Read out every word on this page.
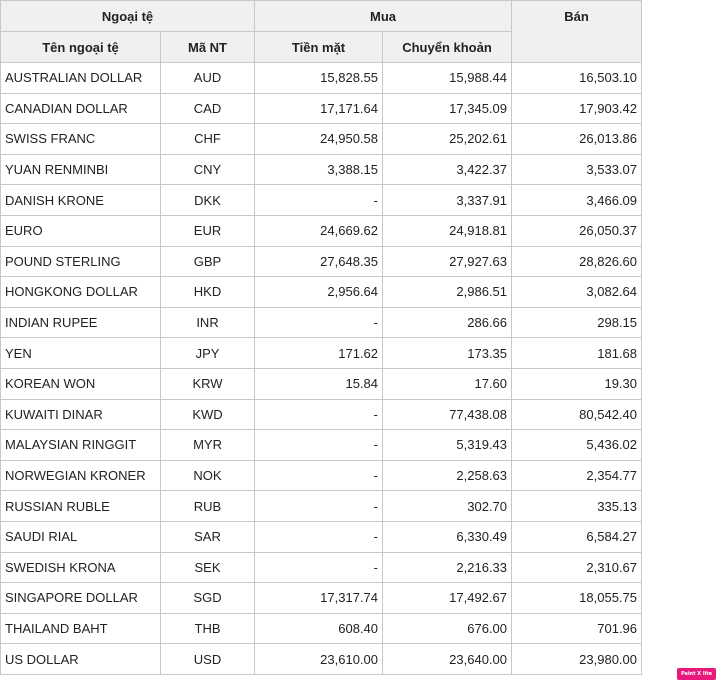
Ngoại tệ		Mua		Bán
Tên ngoại tệ	Mã NT	Tiền mặt	Chuyển khoản	
AUSTRALIAN DOLLAR	AUD	15,828.55	15,988.44	16,503.10
CANADIAN DOLLAR	CAD	17,171.64	17,345.09	17,903.42
SWISS FRANC	CHF	24,950.58	25,202.61	26,013.86
YUAN RENMINBI	CNY	3,388.15	3,422.37	3,533.07
DANISH KRONE	DKK	-	3,337.91	3,466.09
EURO	EUR	24,669.62	24,918.81	26,050.37
POUND STERLING	GBP	27,648.35	27,927.63	28,826.60
HONGKONG DOLLAR	HKD	2,956.64	2,986.51	3,082.64
INDIAN RUPEE	INR	-	286.66	298.15
YEN	JPY	171.62	173.35	181.68
KOREAN WON	KRW	15.84	17.60	19.30
KUWAITI DINAR	KWD	-	77,438.08	80,542.40
MALAYSIAN RINGGIT	MYR	-	5,319.43	5,436.02
NORWEGIAN KRONER	NOK	-	2,258.63	2,354.77
RUSSIAN RUBLE	RUB	-	302.70	335.13
SAUDI RIAL	SAR	-	6,330.49	6,584.27
SWEDISH KRONA	SEK	-	2,216.33	2,310.67
SINGAPORE DOLLAR	SGD	17,317.74	17,492.67	18,055.75
THAILAND BAHT	THB	608.40	676.00	701.96
US DOLLAR	USD	23,610.00	23,640.00	23,980.00
Paint X lite
